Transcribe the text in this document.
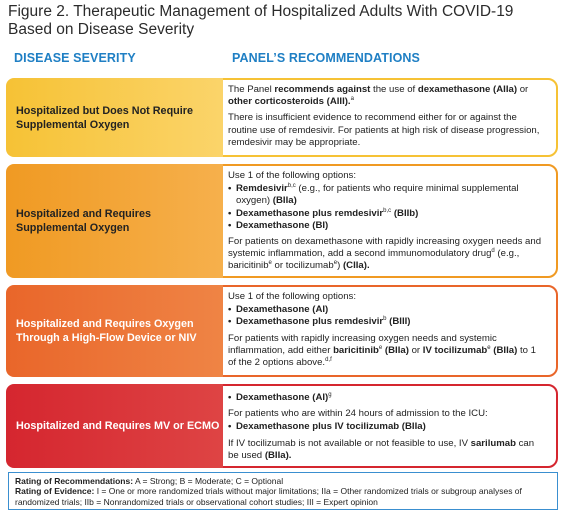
Figure 2. Therapeutic Management of Hospitalized Adults With COVID-19 Based on Disease Severity
DISEASE SEVERITY	PANEL’S RECOMMENDATIONS

The Panel recommends against the use of dexamethasone (AIIa) or other corticosteroids (AIII).$^a$

There is insufficient evidence to recommend either for or against the routine use of remdesivir. For patients at high risk of disease progression, remdesivir may be appropriate.

Hospitalized but Does Not Require Supplemental Oxygen

Use 1 of the following options:

• Remdesivir$^{b,c}$ (e.g., for patients who require minimal supplemental oxygen) (BIIa)
• Dexamethasone plus remdesivir$^{b,c}$ (BIIb)
• Dexamethasone (BI)

For patients on dexamethasone with rapidly increasing oxygen needs and systemic inflammation, add a second immunomodulatory drug$^d$ (e.g., baricitinib$^e$ or tocilizumab$^e$) (CIIa).

Hospitalized and Requires Supplemental Oxygen

Use 1 of the following options:

• Dexamethasone (AI)
• Dexamethasone plus remdesivir$^b$ (BIII)

For patients with rapidly increasing oxygen needs and systemic inflammation, add either baricitinib$^e$ (BIIa) or IV tocilizumab$^e$ (BIIa) to 1 of the 2 options above.$^{d,f}$

Hospitalized and Requires Oxygen Through a High-Flow Device or NIV
• Dexamethasone (AI)$^g$

For patients who are within 24 hours of admission to the ICU:

• Dexamethasone plus IV tocilizumab (BIIa)

If IV tocilizumab is not available or not feasible to use, IV sarilumab can be used (BIIa).

Hospitalized and Requires MV or ECMO
Rating of Recommendations: A = Strong; B = Moderate; C = Optional
Rating of Evidence: I = One or more randomized trials without major limitations; IIa = Other randomized trials or subgroup analyses of randomized trials; IIb = Nonrandomized trials or observational cohort studies; III = Expert opinion
